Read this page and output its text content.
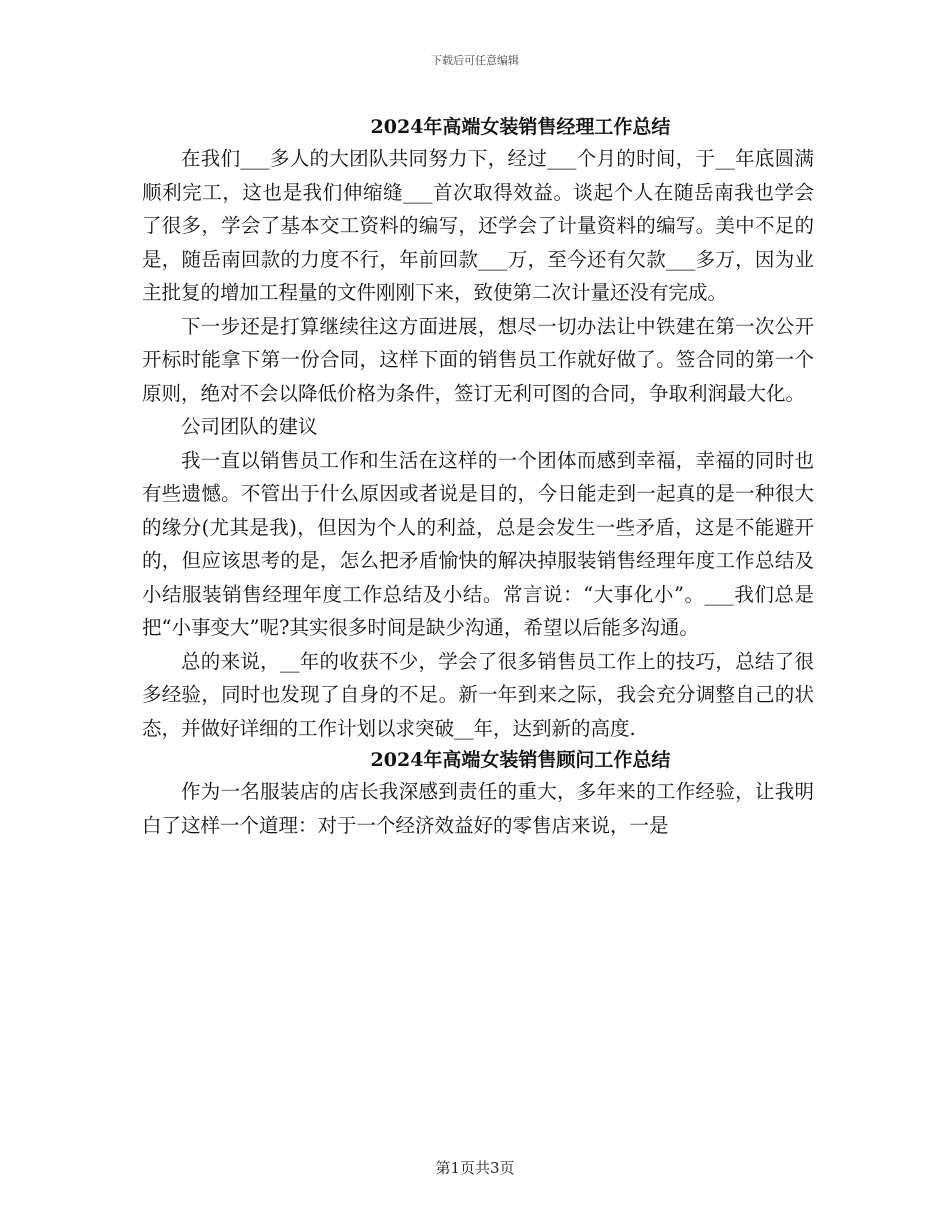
下载后可任意编辑
2024年高端女装销售经理工作总结

在我们___多人的大团队共同努力下，经过___个月的时间，于__年底圆满顺利完工，这也是我们伸缩缝___首次取得效益。谈起个人在随岳南我也学会了很多，学会了基本交工资料的编写，还学会了计量资料的编写。美中不足的是，随岳南回款的力度不行，年前回款___万，至今还有欠款___多万，因为业主批复的增加工程量的文件刚刚下来，致使第二次计量还没有完成。

下一步还是打算继续往这方面进展，想尽一切办法让中铁建在第一次公开开标时能拿下第一份合同，这样下面的销售员工作就好做了。签合同的第一个原则，绝对不会以降低价格为条件，签订无利可图的合同，争取利润最大化。

公司团队的建议

我一直以销售员工作和生活在这样的一个团体而感到幸福，幸福的同时也有些遗憾。不管出于什么原因或者说是目的，今日能走到一起真的是一种很大的缘分(尤其是我)，但因为个人的利益，总是会发生一些矛盾，这是不能避开的，但应该思考的是，怎么把矛盾愉快的解决掉服装销售经理年度工作总结及小结服装销售经理年度工作总结及小结。常言说：“大事化小”。___我们总是把“小事变大”呢?其实很多时间是缺少沟通，希望以后能多沟通。

总的来说，__年的收获不少，学会了很多销售员工作上的技巧，总结了很多经验，同时也发现了自身的不足。新一年到来之际，我会充分调整自己的状态，并做好详细的工作计划以求突破__年，达到新的高度.

2024年高端女装销售顾问工作总结

作为一名服装店的店长我深感到责任的重大，多年来的工作经验，让我明白了这样一个道理：对于一个经济效益好的零售店来说，一是

第1页共3页
